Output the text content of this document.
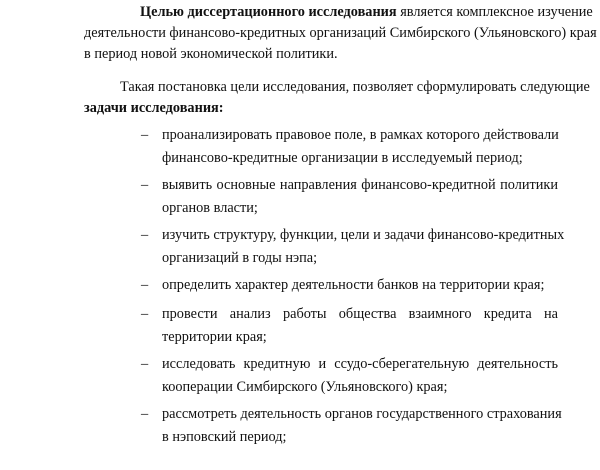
Целью диссертационного исследования является комплексное изучение
деятельности финансово-кредитных организаций Симбирского (Ульяновского) края
в период новой экономической политики.
Такая постановка цели исследования, позволяет сформулировать следующие
задачи исследования:
– проанализировать правовое поле, в рамках которого действовали
финансово-кредитные организации в исследуемый период;
– выявить основные направления финансово-кредитной политики
органов власти;
– изучить структуру, функции, цели и задачи финансово-кредитных
организаций в годы нэпа;
– определить характер деятельности банков на территории края;
– провести анализ работы общества взаимного кредита на
территории края;
– исследовать кредитную и ссудо-сберегательную деятельность
кооперации Симбирского (Ульяновского) края;
– рассмотреть деятельность органов государственного страхования
в нэповский период;
